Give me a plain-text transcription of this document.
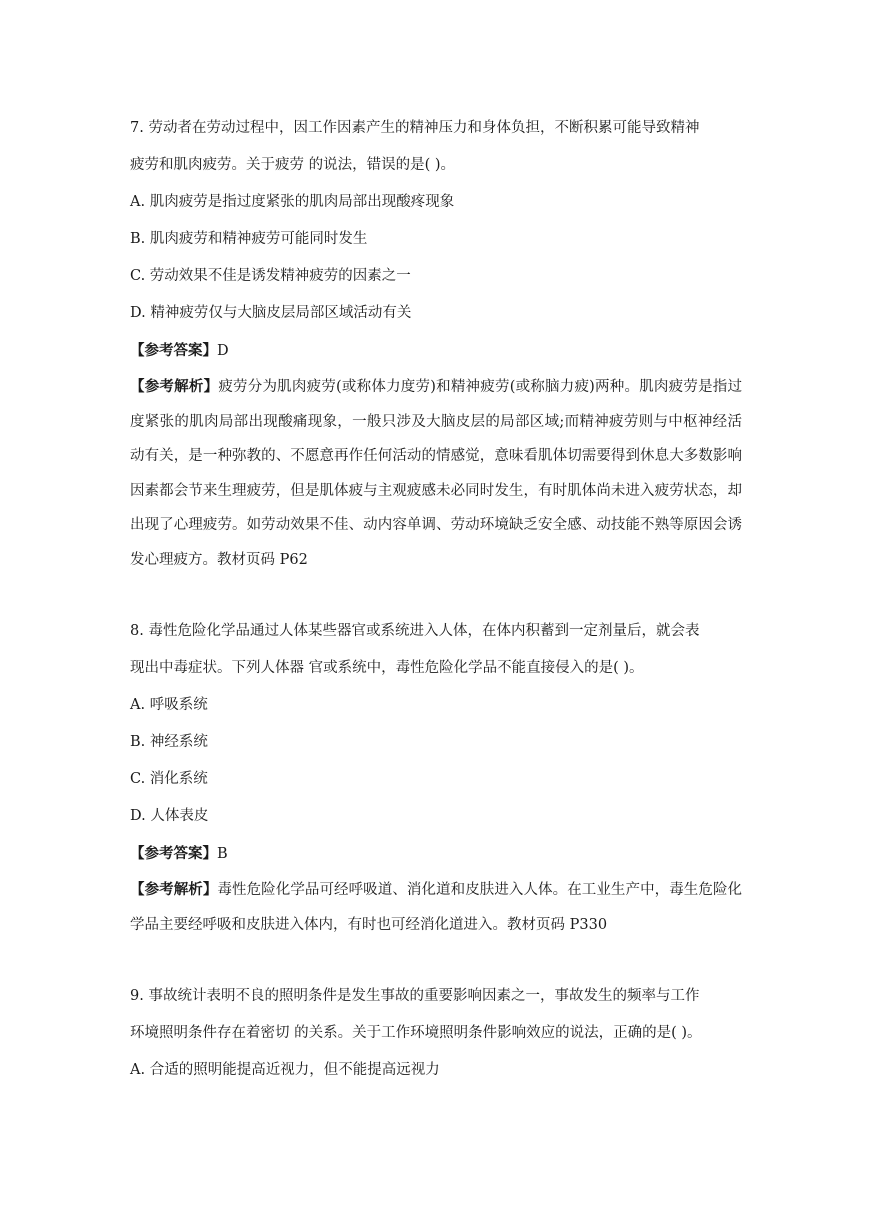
7. 劳动者在劳动过程中，因工作因素产生的精神压力和身体负担，不断积累可能导致精神

疲劳和肌肉疲劳。关于疲劳 的说法，错误的是( )。

A. 肌肉疲劳是指过度紧张的肌肉局部出现酸疼现象

B. 肌肉疲劳和精神疲劳可能同时发生

C. 劳动效果不佳是诱发精神疲劳的因素之一

D. 精神疲劳仅与大脑皮层局部区域活动有关

【参考答案】D

【参考解析】疲劳分为肌肉疲劳(或称体力度劳)和精神疲劳(或称脑力疲)两种。肌肉疲劳是指过度紧张的肌肉局部出现酸痛现象，一般只涉及大脑皮层的局部区域;而精神疲劳则与中枢神经活动有关，是一种弥教的、不愿意再作任何活动的情感觉，意味看肌体切需要得到休息大多数影响因素都会节来生理疲劳，但是肌体疲与主观疲感未必同时发生，有时肌体尚未进入疲劳状态，却出现了心理疲劳。如劳动效果不佳、动内容单调、劳动环境缺乏安全感、动技能不熟等原因会诱发心理疲方。教材页码 P62

8. 毒性危险化学品通过人体某些器官或系统进入人体，在体内积蓄到一定剂量后，就会表

现出中毒症状。下列人体器 官或系统中，毒性危险化学品不能直接侵入的是( )。

A. 呼吸系统

B. 神经系统

C. 消化系统

D. 人体表皮

【参考答案】B

【参考解析】毒性危险化学品可经呼吸道、消化道和皮肤进入人体。在工业生产中，毒生危险化学品主要经呼吸和皮肤进入体内，有时也可经消化道进入。教材页码 P330

9. 事故统计表明不良的照明条件是发生事故的重要影响因素之一，事故发生的频率与工作

环境照明条件存在着密切 的关系。关于工作环境照明条件影响效应的说法，正确的是( )。

A. 合适的照明能提高近视力，但不能提高远视力
